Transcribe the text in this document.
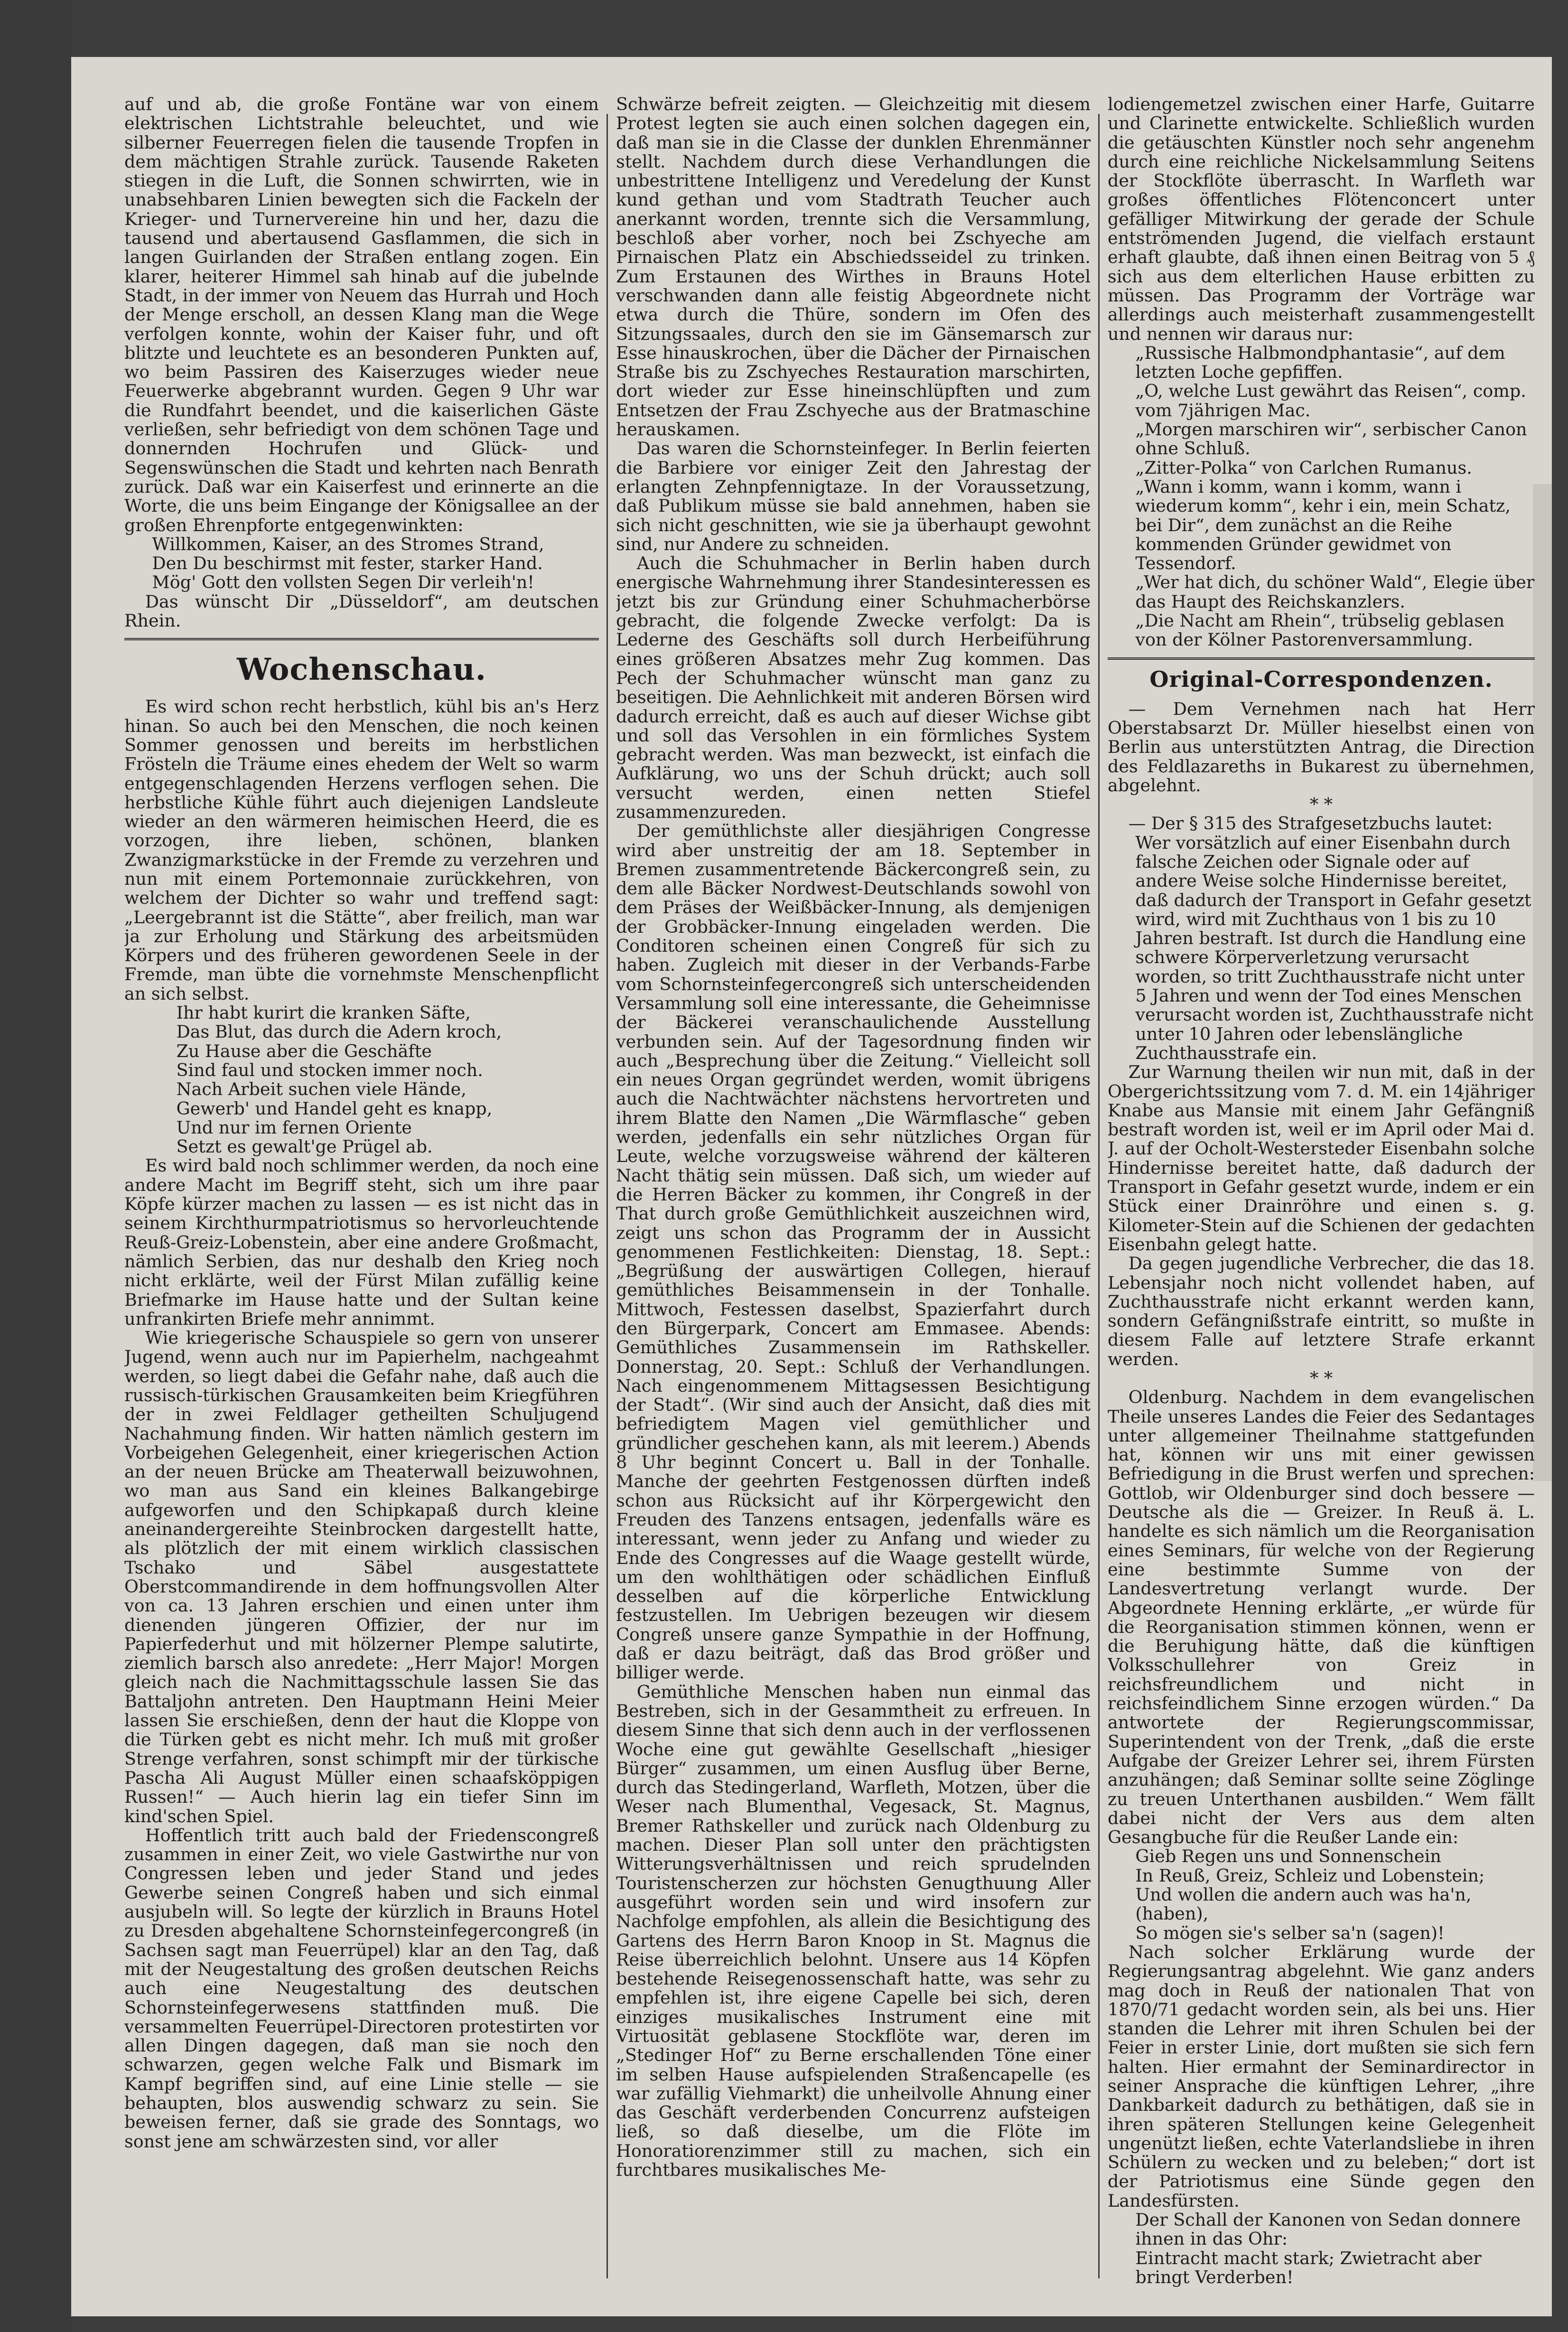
auf und ab, die große Fontäne war von einem elektrischen Lichtstrahle beleuchtet, und wie silberner Feuerregen fielen die tausende Tropfen in dem mächtigen Strahle zurück. Tausende Raketen stiegen in die Luft, die Sonnen schwirrten, wie in unabsehbaren Linien bewegten sich die Fackeln der Krieger- und Turnervereine hin und her, dazu die tausend und abertausend Gasflammen, die sich in langen Guirlanden der Straßen entlang zogen. Ein klarer, heiterer Himmel sah hinab auf die jubelnde Stadt, in der immer von Neuem das Hurrah und Hoch der Menge erscholl, an dessen Klang man die Wege verfolgen konnte, wohin der Kaiser fuhr, und oft blitzte und leuchtete es an besonderen Punkten auf, wo beim Passiren des Kaiserzuges wieder neue Feuerwerke abgebrannt wurden. Gegen 9 Uhr war die Rundfahrt beendet, und die kaiserlichen Gäste verließen, sehr befriedigt von dem schönen Tage und donnernden Hochrufen und Glück- und Segenswünschen die Stadt und kehrten nach Benrath zurück. Daß war ein Kaiserfest und erinnerte an die Worte, die uns beim Eingange der Königsallee an der großen Ehrenpforte entgegenwinkten:

Willkommen, Kaiser, an des Stromes Strand,

Den Du beschirmst mit fester, starker Hand.

Mög' Gott den vollsten Segen Dir verleih'n!

Das wünscht Dir „Düsseldorf“, am deutschen Rhein.

Wochenschau.

Es wird schon recht herbstlich, kühl bis an's Herz hinan. So auch bei den Menschen, die noch keinen Sommer genossen und bereits im herbstlichen Frösteln die Träume eines ehedem der Welt so warm entgegenschlagenden Herzens verflogen sehen. Die herbstliche Kühle führt auch diejenigen Landsleute wieder an den wärmeren heimischen Heerd, die es vorzogen, ihre lieben, schönen, blanken Zwanzigmarkstücke in der Fremde zu verzehren und nun mit einem Portemonnaie zurückkehren, von welchem der Dichter so wahr und treffend sagt: „Leergebrannt ist die Stätte“, aber freilich, man war ja zur Erholung und Stärkung des arbeitsmüden Körpers und des früheren gewordenen Seele in der Fremde, man übte die vornehmste Menschenpflicht an sich selbst.

Ihr habt kurirt die kranken Säfte,

Das Blut, das durch die Adern kroch,

Zu Hause aber die Geschäfte

Sind faul und stocken immer noch.

Nach Arbeit suchen viele Hände,

Gewerb' und Handel geht es knapp,

Und nur im fernen Oriente

Setzt es gewalt'ge Prügel ab.

Es wird bald noch schlimmer werden, da noch eine andere Macht im Begriff steht, sich um ihre paar Köpfe kürzer machen zu lassen — es ist nicht das in seinem Kirchthurmpatriotismus so hervorleuchtende Reuß-Greiz-Lobenstein, aber eine andere Großmacht, nämlich Serbien, das nur deshalb den Krieg noch nicht erklärte, weil der Fürst Milan zufällig keine Briefmarke im Hause hatte und der Sultan keine unfrankirten Briefe mehr annimmt.

Wie kriegerische Schauspiele so gern von unserer Jugend, wenn auch nur im Papierhelm, nachgeahmt werden, so liegt dabei die Gefahr nahe, daß auch die russisch-türkischen Grausamkeiten beim Kriegführen der in zwei Feldlager getheilten Schuljugend Nachahmung finden. Wir hatten nämlich gestern im Vorbeigehen Gelegenheit, einer kriegerischen Action an der neuen Brücke am Theaterwall beizuwohnen, wo man aus Sand ein kleines Balkangebirge aufgeworfen und den Schipkapaß durch kleine aneinandergereihte Steinbrocken dargestellt hatte, als plötzlich der mit einem wirklich classischen Tschako und Säbel ausgestattete Oberstcommandirende in dem hoffnungsvollen Alter von ca. 13 Jahren erschien und einen unter ihm dienenden jüngeren Offizier, der nur im Papierfederhut und mit hölzerner Plempe salutirte, ziemlich barsch also anredete: „Herr Major! Morgen gleich nach die Nachmittagsschule lassen Sie das Battaljohn antreten. Den Hauptmann Heini Meier lassen Sie erschießen, denn der haut die Kloppe von die Türken gebt es nicht mehr. Ich muß mit großer Strenge verfahren, sonst schimpft mir der türkische Pascha Ali August Müller einen schaafsköppigen Russen!“ — Auch hierin lag ein tiefer Sinn im kind'schen Spiel.

Hoffentlich tritt auch bald der Friedenscongreß zusammen in einer Zeit, wo viele Gastwirthe nur von Congressen leben und jeder Stand und jedes Gewerbe seinen Congreß haben und sich einmal ausjubeln will. So legte der kürzlich in Brauns Hotel zu Dresden abgehaltene Schornsteinfegercongreß (in Sachsen sagt man Feuerrüpel) klar an den Tag, daß mit der Neugestaltung des großen deutschen Reichs auch eine Neugestaltung des deutschen Schornsteinfegerwesens stattfinden muß. Die versammelten Feuerrüpel-Directoren protestirten vor allen Dingen dagegen, daß man sie noch den schwarzen, gegen welche Falk und Bismark im Kampf begriffen sind, auf eine Linie stelle — sie behaupten, blos auswendig schwarz zu sein. Sie beweisen ferner, daß sie grade des Sonntags, wo sonst jene am schwärzesten sind, vor aller

Schwärze befreit zeigten. — Gleichzeitig mit diesem Protest legten sie auch einen solchen dagegen ein, daß man sie in die Classe der dunklen Ehrenmänner stellt. Nachdem durch diese Verhandlungen die unbestrittene Intelligenz und Veredelung der Kunst kund gethan und vom Stadtrath Teucher auch anerkannt worden, trennte sich die Versammlung, beschloß aber vorher, noch bei Zschyeche am Pirnaischen Platz ein Abschiedsseidel zu trinken. Zum Erstaunen des Wirthes in Brauns Hotel verschwanden dann alle feistig Abgeordnete nicht etwa durch die Thüre, sondern im Ofen des Sitzungssaales, durch den sie im Gänsemarsch zur Esse hinauskrochen, über die Dächer der Pirnaischen Straße bis zu Zschyeches Restauration marschirten, dort wieder zur Esse hineinschlüpften und zum Entsetzen der Frau Zschyeche aus der Bratmaschine herauskamen.

Das waren die Schornsteinfeger. In Berlin feierten die Barbiere vor einiger Zeit den Jahrestag der erlangten Zehnpfennigtaze. In der Voraussetzung, daß Publikum müsse sie bald annehmen, haben sie sich nicht geschnitten, wie sie ja überhaupt gewohnt sind, nur Andere zu schneiden.

Auch die Schuhmacher in Berlin haben durch energische Wahrnehmung ihrer Standesinteressen es jetzt bis zur Gründung einer Schuhmacherbörse gebracht, die folgende Zwecke verfolgt: Da is Lederne des Geschäfts soll durch Herbeiführung eines größeren Absatzes mehr Zug kommen. Das Pech der Schuhmacher wünscht man ganz zu beseitigen. Die Aehnlichkeit mit anderen Börsen wird dadurch erreicht, daß es auch auf dieser Wichse gibt und soll das Versohlen in ein förmliches System gebracht werden. Was man bezweckt, ist einfach die Aufklärung, wo uns der Schuh drückt; auch soll versucht werden, einen netten Stiefel zusammenzureden.

Der gemüthlichste aller diesjährigen Congresse wird aber unstreitig der am 18. September in Bremen zusammentretende Bäckercongreß sein, zu dem alle Bäcker Nordwest-Deutschlands sowohl von dem Präses der Weißbäcker-Innung, als demjenigen der Grobbäcker-Innung eingeladen werden. Die Conditoren scheinen einen Congreß für sich zu haben. Zugleich mit dieser in der Verbands-Farbe vom Schornsteinfegercongreß sich unterscheidenden Versammlung soll eine interessante, die Geheimnisse der Bäckerei veranschaulichende Ausstellung verbunden sein. Auf der Tagesordnung finden wir auch „Besprechung über die Zeitung.“ Vielleicht soll ein neues Organ gegründet werden, womit übrigens auch die Nachtwächter nächstens hervortreten und ihrem Blatte den Namen „Die Wärmflasche“ geben werden, jedenfalls ein sehr nützliches Organ für Leute, welche vorzugsweise während der kälteren Nacht thätig sein müssen. Daß sich, um wieder auf die Herren Bäcker zu kommen, ihr Congreß in der That durch große Gemüthlichkeit auszeichnen wird, zeigt uns schon das Programm der in Aussicht genommenen Festlichkeiten: Dienstag, 18. Sept.: „Begrüßung der auswärtigen Collegen, hierauf gemüthliches Beisammensein in der Tonhalle. Mittwoch, Festessen daselbst, Spazierfahrt durch den Bürgerpark, Concert am Emmasee. Abends: Gemüthliches Zusammensein im Rathskeller. Donnerstag, 20. Sept.: Schluß der Verhandlungen. Nach eingenommenem Mittagsessen Besichtigung der Stadt“. (Wir sind auch der Ansicht, daß dies mit befriedigtem Magen viel gemüthlicher und gründlicher geschehen kann, als mit leerem.) Abends 8 Uhr beginnt Concert u. Ball in der Tonhalle. Manche der geehrten Festgenossen dürften indeß schon aus Rücksicht auf ihr Körpergewicht den Freuden des Tanzens entsagen, jedenfalls wäre es interessant, wenn jeder zu Anfang und wieder zu Ende des Congresses auf die Waage gestellt würde, um den wohlthätigen oder schädlichen Einfluß desselben auf die körperliche Entwicklung festzustellen. Im Uebrigen bezeugen wir diesem Congreß unsere ganze Sympathie in der Hoffnung, daß er dazu beiträgt, daß das Brod größer und billiger werde.

Gemüthliche Menschen haben nun einmal das Bestreben, sich in der Gesammtheit zu erfreuen. In diesem Sinne that sich denn auch in der verflossenen Woche eine gut gewählte Gesellschaft „hiesiger Bürger“ zusammen, um einen Ausflug über Berne, durch das Stedingerland, Warfleth, Motzen, über die Weser nach Blumenthal, Vegesack, St. Magnus, Bremer Rathskeller und zurück nach Oldenburg zu machen. Dieser Plan soll unter den prächtigsten Witterungsverhältnissen und reich sprudelnden Touristenscherzen zur höchsten Genugthuung Aller ausgeführt worden sein und wird insofern zur Nachfolge empfohlen, als allein die Besichtigung des Gartens des Herrn Baron Knoop in St. Magnus die Reise überreichlich belohnt. Unsere aus 14 Köpfen bestehende Reisegenossenschaft hatte, was sehr zu empfehlen ist, ihre eigene Capelle bei sich, deren einziges musikalisches Instrument eine mit Virtuosität geblasene Stockflöte war, deren im „Stedinger Hof“ zu Berne erschallenden Töne einer im selben Hause aufspielenden Straßencapelle (es war zufällig Viehmarkt) die unheilvolle Ahnung einer das Geschäft verderbenden Concurrenz aufsteigen ließ, so daß dieselbe, um die Flöte im Honoratiorenzimmer still zu machen, sich ein furchtbares musikalisches Me-

lodiengemetzel zwischen einer Harfe, Guitarre und Clarinette entwickelte. Schließlich wurden die getäuschten Künstler noch sehr angenehm durch eine reichliche Nickelsammlung Seitens der Stockflöte überrascht. In Warfleth war großes öffentliches Flötenconcert unter gefälliger Mitwirkung der gerade der Schule entströmenden Jugend, die vielfach erstaunt erhaft glaubte, daß ihnen einen Beitrag von 5 ₰ sich aus dem elterlichen Hause erbitten zu müssen. Das Programm der Vorträge war allerdings auch meisterhaft zusammengestellt und nennen wir daraus nur:

„Russische Halbmondphantasie“, auf dem letzten Loche gepfiffen.

„O, welche Lust gewährt das Reisen“, comp. vom 7jährigen Mac.

„Morgen marschiren wir“, serbischer Canon ohne Schluß.

„Zitter-Polka“ von Carlchen Rumanus.

„Wann i komm, wann i komm, wann i wiederum komm“, kehr i ein, mein Schatz, bei Dir“, dem zunächst an die Reihe kommenden Gründer gewidmet von Tessendorf.

„Wer hat dich, du schöner Wald“, Elegie über das Haupt des Reichskanzlers.

„Die Nacht am Rhein“, trübselig geblasen von der Kölner Pastorenversammlung.

Original-Correspondenzen.

— Dem Vernehmen nach hat Herr Oberstabsarzt Dr. Müller hieselbst einen von Berlin aus unterstützten Antrag, die Direction des Feldlazareths in Bukarest zu übernehmen, abgelehnt.

* *

— Der § 315 des Strafgesetzbuchs lautet:

Wer vorsätzlich auf einer Eisenbahn durch falsche Zeichen oder Signale oder auf andere Weise solche Hindernisse bereitet, daß dadurch der Transport in Gefahr gesetzt wird, wird mit Zuchthaus von 1 bis zu 10 Jahren bestraft. Ist durch die Handlung eine schwere Körperverletzung verursacht worden, so tritt Zuchthausstrafe nicht unter 5 Jahren und wenn der Tod eines Menschen verursacht worden ist, Zuchthausstrafe nicht unter 10 Jahren oder lebenslängliche Zuchthausstrafe ein.

Zur Warnung theilen wir nun mit, daß in der Obergerichtssitzung vom 7. d. M. ein 14jähriger Knabe aus Mansie mit einem Jahr Gefängniß bestraft worden ist, weil er im April oder Mai d. J. auf der Ocholt-Westersteder Eisenbahn solche Hindernisse bereitet hatte, daß dadurch der Transport in Gefahr gesetzt wurde, indem er ein Stück einer Drainröhre und einen s. g. Kilometer-Stein auf die Schienen der gedachten Eisenbahn gelegt hatte.

Da gegen jugendliche Verbrecher, die das 18. Lebensjahr noch nicht vollendet haben, auf Zuchthausstrafe nicht erkannt werden kann, sondern Gefängnißstrafe eintritt, so mußte in diesem Falle auf letztere Strafe erkannt werden.

* *

Oldenburg. Nachdem in dem evangelischen Theile unseres Landes die Feier des Sedantages unter allgemeiner Theilnahme stattgefunden hat, können wir uns mit einer gewissen Befriedigung in die Brust werfen und sprechen: Gottlob, wir Oldenburger sind doch bessere — Deutsche als die — Greizer. In Reuß ä. L. handelte es sich nämlich um die Reorganisation eines Seminars, für welche von der Regierung eine bestimmte Summe von der Landesvertretung verlangt wurde. Der Abgeordnete Henning erklärte, „er würde für die Reorganisation stimmen können, wenn er die Beruhigung hätte, daß die künftigen Volksschullehrer von Greiz in reichsfreundlichem und nicht in reichsfeindlichem Sinne erzogen würden.“ Da antwortete der Regierungscommissar, Superintendent von der Trenk, „daß die erste Aufgabe der Greizer Lehrer sei, ihrem Fürsten anzuhängen; daß Seminar sollte seine Zöglinge zu treuen Unterthanen ausbilden.“ Wem fällt dabei nicht der Vers aus dem alten Gesangbuche für die Reußer Lande ein:

Gieb Regen uns und Sonnenschein

In Reuß, Greiz, Schleiz und Lobenstein;

Und wollen die andern auch was ha'n, (haben),

So mögen sie's selber sa'n (sagen)!

Nach solcher Erklärung wurde der Regierungsantrag abgelehnt. Wie ganz anders mag doch in Reuß der nationalen That von 1870/71 gedacht worden sein, als bei uns. Hier standen die Lehrer mit ihren Schulen bei der Feier in erster Linie, dort mußten sie sich fern halten. Hier ermahnt der Seminardirector in seiner Ansprache die künftigen Lehrer, „ihre Dankbarkeit dadurch zu bethätigen, daß sie in ihren späteren Stellungen keine Gelegenheit ungenützt ließen, echte Vaterlandsliebe in ihren Schülern zu wecken und zu beleben;“ dort ist der Patriotismus eine Sünde gegen den Landesfürsten.

Der Schall der Kanonen von Sedan donnere ihnen in das Ohr:

Eintracht macht stark; Zwietracht aber bringt Verderben!
